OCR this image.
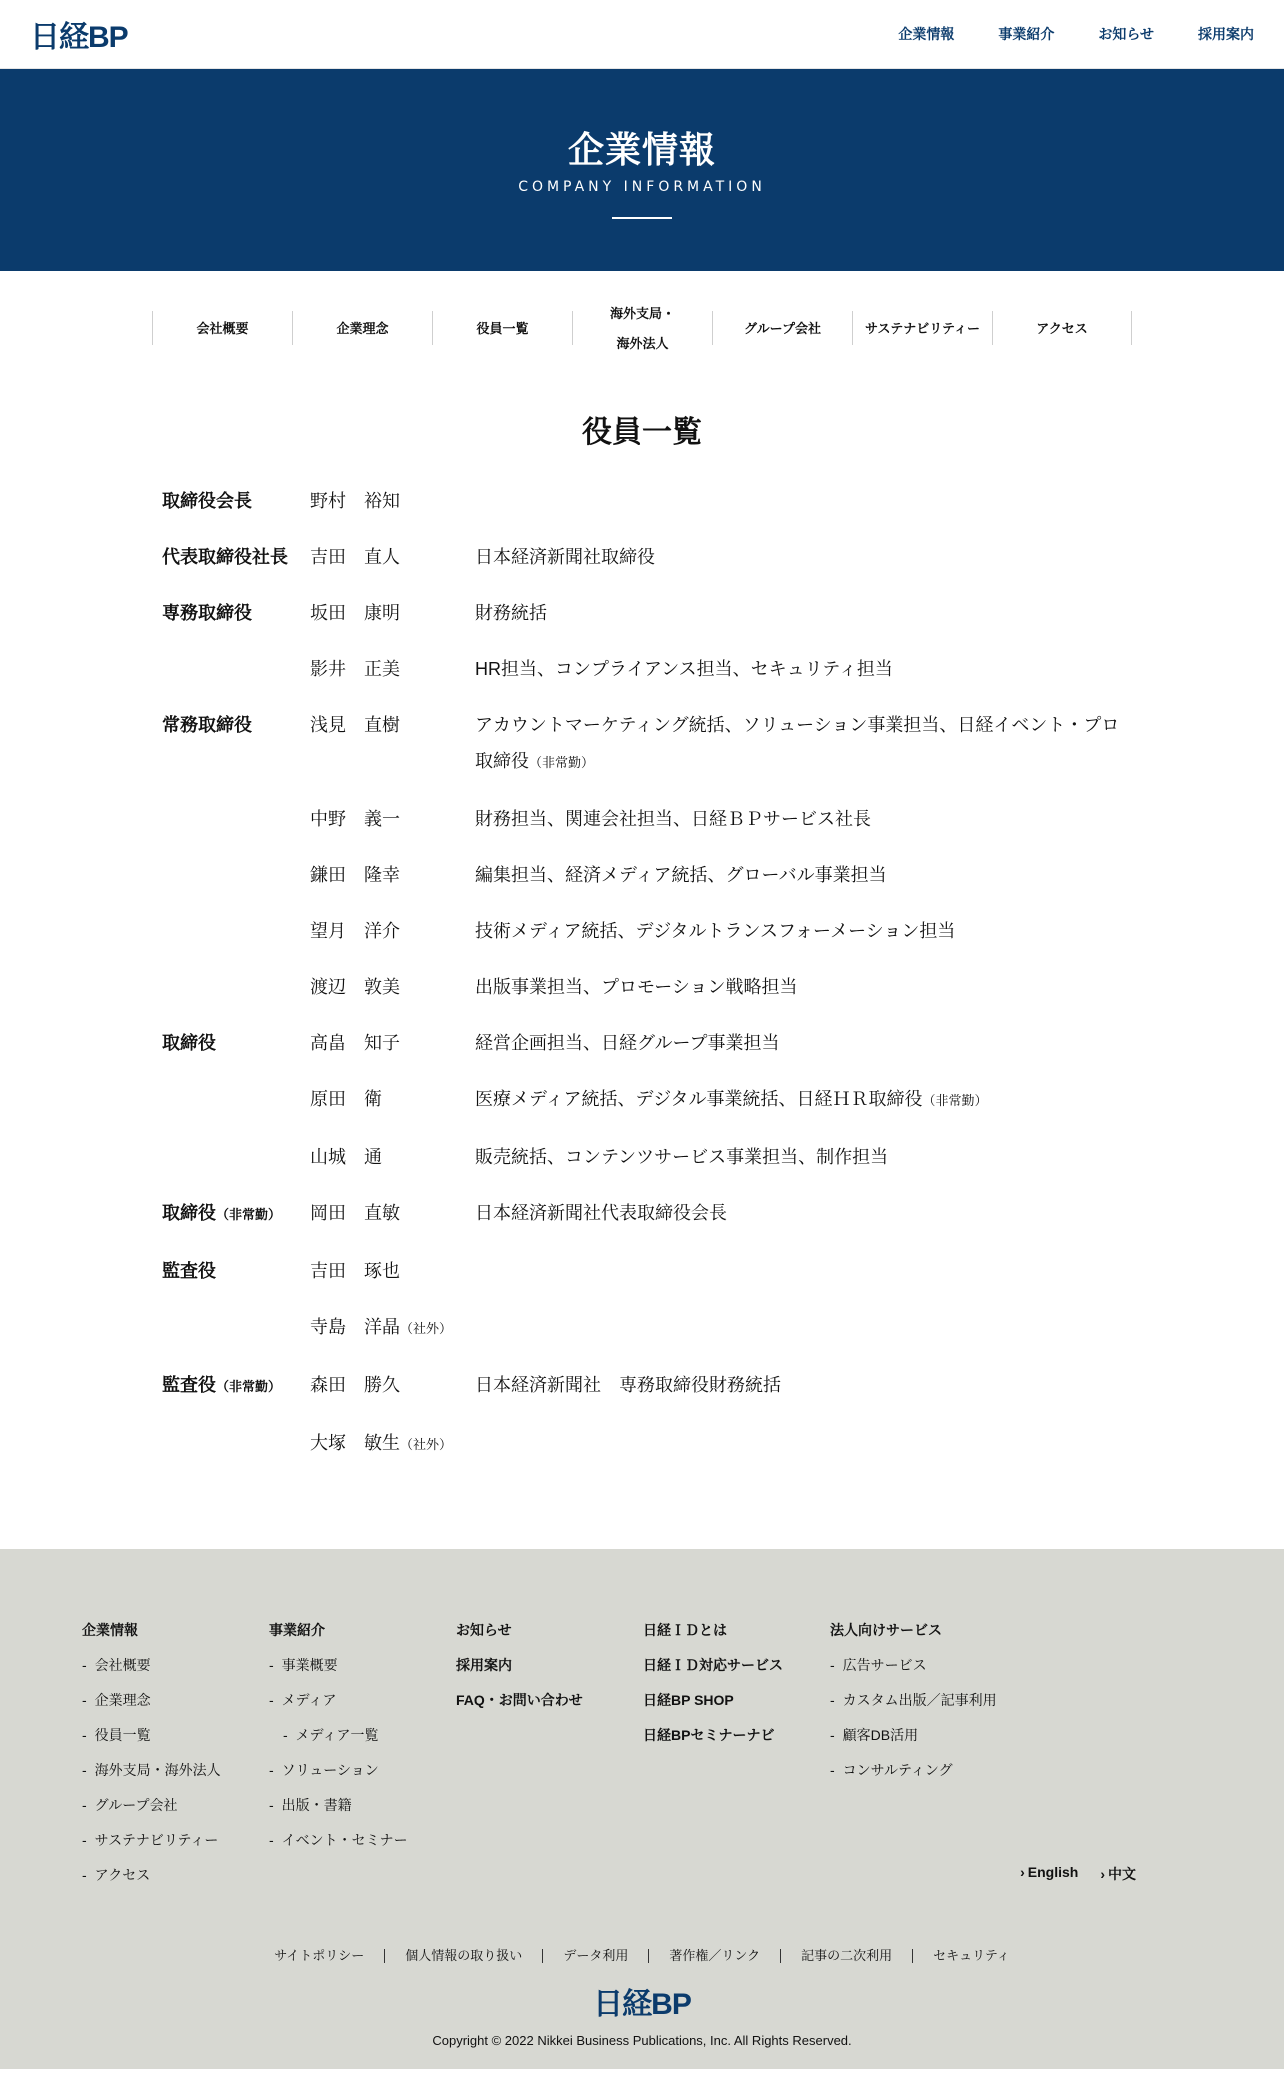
日経BP	企業情報	事業紹介	お知らせ	採用案内
企業情報
COMPANY INFORMATION
会社概要	企業理念	役員一覧
海外支局・

海外法人
グループ会社	サステナビリティー	アクセス
役員一覧
取締役会長	野村　裕知
代表取締役社長	吉田　直人	日本経済新聞社取締役
専務取締役	坂田　康明	財務統括
影井　正美	HR担当、コンプライアンス担当、セキュリティ担当
常務取締役	浅見　直樹	アカウントマーケティング統括、ソリューション事業担当、日経イベント・プロ取締役（非常勤）
中野　義一	財務担当、関連会社担当、日経ＢＰサービス社長
鎌田　隆幸	編集担当、経済メディア統括、グローバル事業担当
望月　洋介	技術メディア統括、デジタルトランスフォーメーション担当
渡辺　敦美	出版事業担当、プロモーション戦略担当
取締役	高畠　知子	経営企画担当、日経グループ事業担当
原田　衛	医療メディア統括、デジタル事業統括、日経ＨＲ取締役（非常勤）
山城　通	販売統括、コンテンツサービス事業担当、制作担当
取締役（非常勤）	岡田　直敏	日本経済新聞社代表取締役会長
監査役	吉田　琢也
寺島　洋晶（社外）
監査役（非常勤）	森田　勝久	日本経済新聞社　専務取締役財務統括
大塚　敏生（社外）
企業情報
- 会社概要
- 企業理念
- 役員一覧
- 海外支局・海外法人
- グループ会社
- サステナビリティー
- アクセス
事業紹介
- 事業概要
- メディア
- メディア一覧
- ソリューション
- 出版・書籍
- イベント・セミナー
お知らせ
採用案内
FAQ・お問い合わせ
日経ＩＤとは
日経ＩＤ対応サービス
日経BP SHOP
日経BPセミナーナビ
法人向けサービス
- 広告サービス
- カスタム出版／記事利用
- 顧客DB活用
- コンサルティング
› English › 中文
サイトポリシー	個人情報の取り扱い	データ利用	著作権／リンク	記事の二次利用	セキュリティ
日経BP
Copyright © 2022 Nikkei Business Publications, Inc. All Rights Reserved.
